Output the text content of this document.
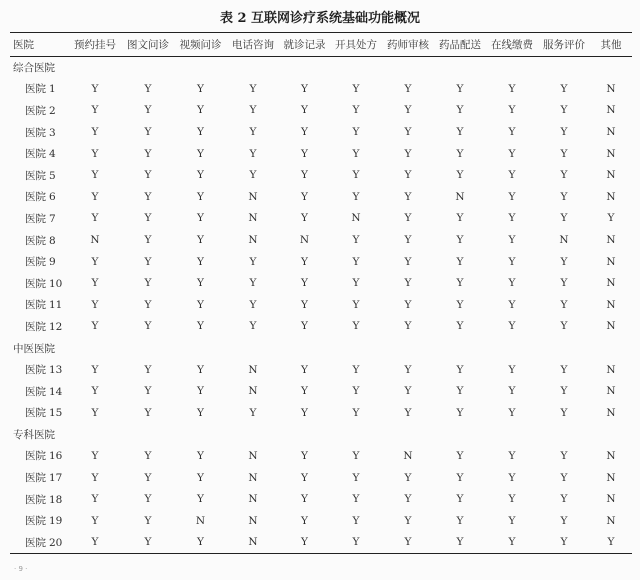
表 2 互联网诊疗系统基础功能概况
医院	预约挂号	图文问诊	视频问诊	电话咨询	就诊记录	开具处方	药师审核	药品配送	在线缴费	服务评价	其他
综合医院											
医院 1	Y	Y	Y	Y	Y	Y	Y	Y	Y	Y	N
医院 2	Y	Y	Y	Y	Y	Y	Y	Y	Y	Y	N
医院 3	Y	Y	Y	Y	Y	Y	Y	Y	Y	Y	N
医院 4	Y	Y	Y	Y	Y	Y	Y	Y	Y	Y	N
医院 5	Y	Y	Y	Y	Y	Y	Y	Y	Y	Y	N
医院 6	Y	Y	Y	N	Y	Y	Y	N	Y	Y	N
医院 7	Y	Y	Y	N	Y	N	Y	Y	Y	Y	Y
医院 8	N	Y	Y	N	N	Y	Y	Y	Y	N	N
医院 9	Y	Y	Y	Y	Y	Y	Y	Y	Y	Y	N
医院 10	Y	Y	Y	Y	Y	Y	Y	Y	Y	Y	N
医院 11	Y	Y	Y	Y	Y	Y	Y	Y	Y	Y	N
医院 12	Y	Y	Y	Y	Y	Y	Y	Y	Y	Y	N
中医医院											
医院 13	Y	Y	Y	N	Y	Y	Y	Y	Y	Y	N
医院 14	Y	Y	Y	N	Y	Y	Y	Y	Y	Y	N
医院 15	Y	Y	Y	Y	Y	Y	Y	Y	Y	Y	N
专科医院											
医院 16	Y	Y	Y	N	Y	Y	N	Y	Y	Y	N
医院 17	Y	Y	Y	N	Y	Y	Y	Y	Y	Y	N
医院 18	Y	Y	Y	N	Y	Y	Y	Y	Y	Y	N
医院 19	Y	Y	N	N	Y	Y	Y	Y	Y	Y	N
医院 20	Y	Y	Y	N	Y	Y	Y	Y	Y	Y	Y
· 9 ·
